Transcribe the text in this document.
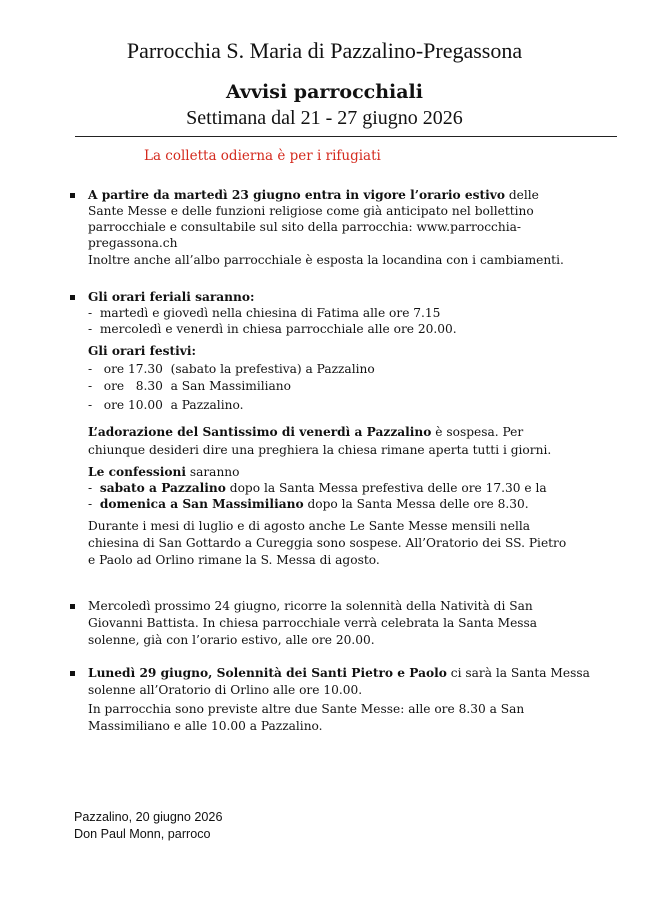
Parrocchia S. Maria di Pazzalino-Pregassona
Avvisi parrocchiali
Settimana dal 21 - 27 giugno 2026
La colletta odierna è per i rifugiati
A partire da martedì 23 giugno entra in vigore l’orario estivo delle
Sante Messe e delle funzioni religiose come già anticipato nel bollettino
parrocchiale e consultabile sul sito della parrocchia: www.parrocchia-
pregassona.ch
Inoltre anche all’albo parrocchiale è esposta la locandina con i cambiamenti.
Gli orari feriali saranno:
-  martedì e giovedì nella chiesina di Fatima alle ore 7.15
-  mercoledì e venerdì in chiesa parrocchiale alle ore 20.00.
Gli orari festivi:
-   ore 17.30  (sabato la prefestiva) a Pazzalino
-   ore   8.30  a San Massimiliano
-   ore 10.00  a Pazzalino.
L’adorazione del Santissimo di venerdì a Pazzalino è sospesa. Per
chiunque desideri dire una preghiera la chiesa rimane aperta tutti i giorni.
Le confessioni saranno
-  sabato a Pazzalino dopo la Santa Messa prefestiva delle ore 17.30 e la
-  domenica a San Massimiliano dopo la Santa Messa delle ore 8.30.
Durante i mesi di luglio e di agosto anche Le Sante Messe mensili nella
chiesina di San Gottardo a Cureggia sono sospese. All’Oratorio dei SS. Pietro
e Paolo ad Orlino rimane la S. Messa di agosto.
Mercoledì prossimo 24 giugno, ricorre la solennità della Natività di San
Giovanni Battista. In chiesa parrocchiale verrà celebrata la Santa Messa
solenne, già con l’orario estivo, alle ore 20.00.
Lunedì 29 giugno, Solennità dei Santi Pietro e Paolo ci sarà la Santa Messa
solenne all’Oratorio di Orlino alle ore 10.00.
In parrocchia sono previste altre due Sante Messe: alle ore 8.30 a San
Massimiliano e alle 10.00 a Pazzalino.
Pazzalino, 20 giugno 2026
Don Paul Monn, parroco
